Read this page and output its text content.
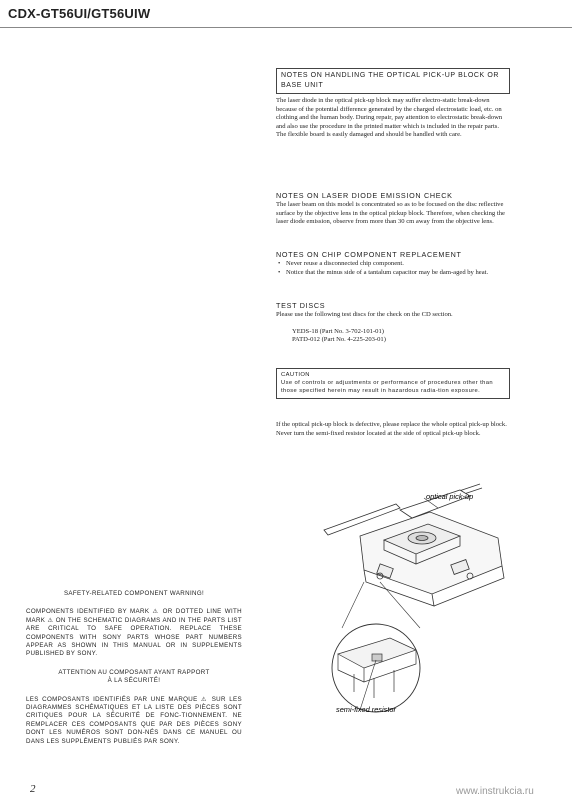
CDX-GT56UI/GT56UIW
NOTES ON HANDLING THE OPTICAL PICK-UP BLOCK OR BASE UNIT

The laser diode in the optical pick-up block may suffer electro-static break-down because of the potential difference generated by the charged electrostatic load, etc. on clothing and the human body. During repair, pay attention to electrostatic break-down and also use the procedure in the printed matter which is included in the repair parts.

The flexible board is easily damaged and should be handled with care.

NOTES ON LASER DIODE EMISSION CHECK

The laser beam on this model is concentrated so as to be focused on the disc reflective surface by the objective lens in the optical pickup block. Therefore, when checking the laser diode emission, observe from more than 30 cm away from the objective lens.

NOTES ON CHIP COMPONENT REPLACEMENT
• Never reuse a disconnected chip component.
• Notice that the minus side of a tantalum capacitor may be dam-aged by heat.
TEST DISCS

Please use the following test discs for the check on the CD section.

YEDS-18 (Part No. 3-702-101-01)

PATD-012 (Part No. 4-225-203-01)

CAUTION
Use of controls or adjustments or performance of procedures other than those specified herein may result in hazardous radia-tion exposure.

If the optical pick-up block is defective, please replace the whole optical pick-up block.

Never turn the semi-fixed resistor located at the side of optical pick-up block.

optical pick-up
semi-fixed resistor
SAFETY-RELATED COMPONENT WARNING!

COMPONENTS IDENTIFIED BY MARK ⚠ OR DOTTED LINE WITH MARK ⚠ ON THE SCHEMATIC DIAGRAMS AND IN THE PARTS LIST ARE CRITICAL TO SAFE OPERATION. REPLACE THESE COMPONENTS WITH SONY PARTS WHOSE PART NUMBERS APPEAR AS SHOWN IN THIS MANUAL OR IN SUPPLEMENTS PUBLISHED BY SONY.

ATTENTION AU COMPOSANT AYANT RAPPORT
À LA SÉCURITÉ!

LES COMPOSANTS IDENTIFIÉS PAR UNE MARQUE ⚠ SUR LES DIAGRAMMES SCHÉMATIQUES ET LA LISTE DES PIÈCES SONT CRITIQUES POUR LA SÉCURITÉ DE FONC-TIONNEMENT. NE REMPLACER CES COMPOSANTS QUE PAR DES PIÈCES SONY DONT LES NUMÉROS SONT DON-NÉS DANS CE MANUEL OU DANS LES SUPPLÉMENTS PUBLIÉS PAR SONY.

2	www.instrukcia.ru
